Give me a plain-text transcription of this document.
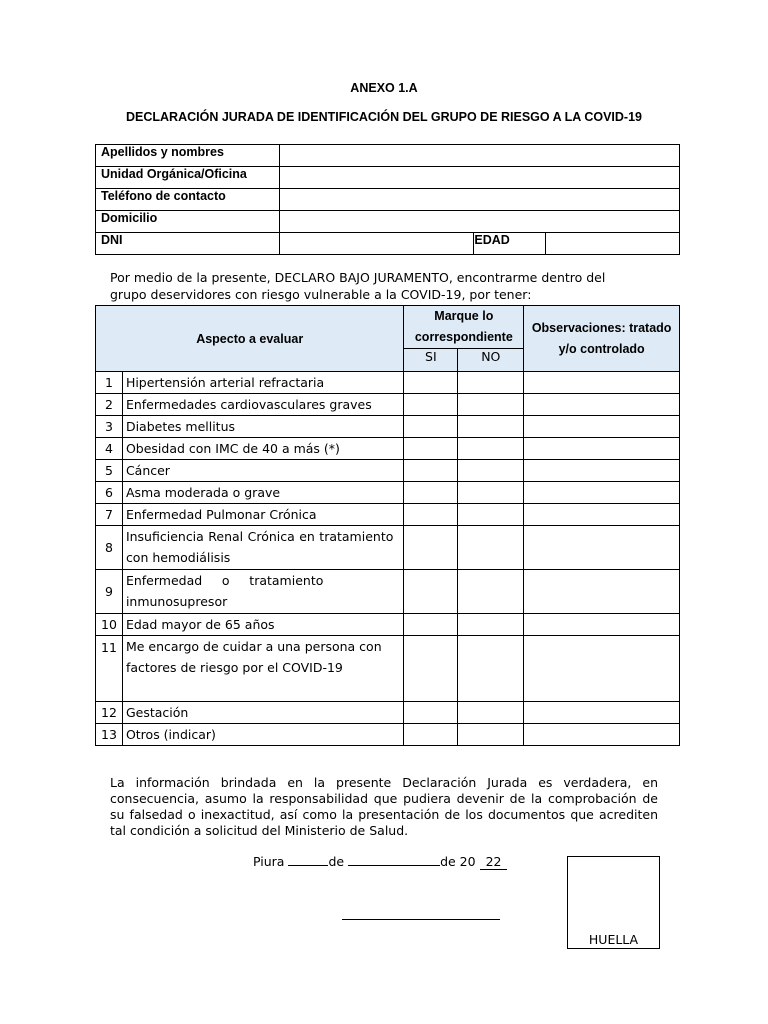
ANEXO 1.A
DECLARACIÓN JURADA DE IDENTIFICACIÓN DEL GRUPO DE RIESGO A LA COVID-19
Apellidos y nombres			
Unidad Orgánica/Oficina			
Teléfono de contacto			
Domicilio			
DNI		EDAD	
Por medio de la presente, DECLARO BAJO JURAMENTO, encontrarme dentro del
grupo deservidores con riesgo vulnerable a la COVID-19, por tener:
Aspecto a evaluar		Marque lo correspondiente		Observaciones: tratado y/o controlado
		SI	NO	
1	Hipertensión arterial refractaria			
2	Enfermedades cardiovasculares graves			
3	Diabetes mellitus			
4	Obesidad con IMC de 40 a más (*)			
5	Cáncer			
6	Asma moderada o grave			
7	Enfermedad Pulmonar Crónica			
8	Insuficiencia Renal Crónica en tratamiento con hemodiálisis			
9	Enfermedad o tratamiento inmunosupresor			
10	Edad mayor de 65 años			
11	Me encargo de cuidar a una persona con
factores de riesgo por el COVID-19			

12	Gestación			
13	Otros (indicar)			
La información brindada en la presente Declaración Jurada es verdadera, en consecuencia, asumo la responsabilidad que pudiera devenir de la comprobación de su falsedad o inexactitud, así como la presentación de los documentos que acrediten tal condición a solicitud del Ministerio de Salud.
Piura	de	de 20 22
HUELLA
